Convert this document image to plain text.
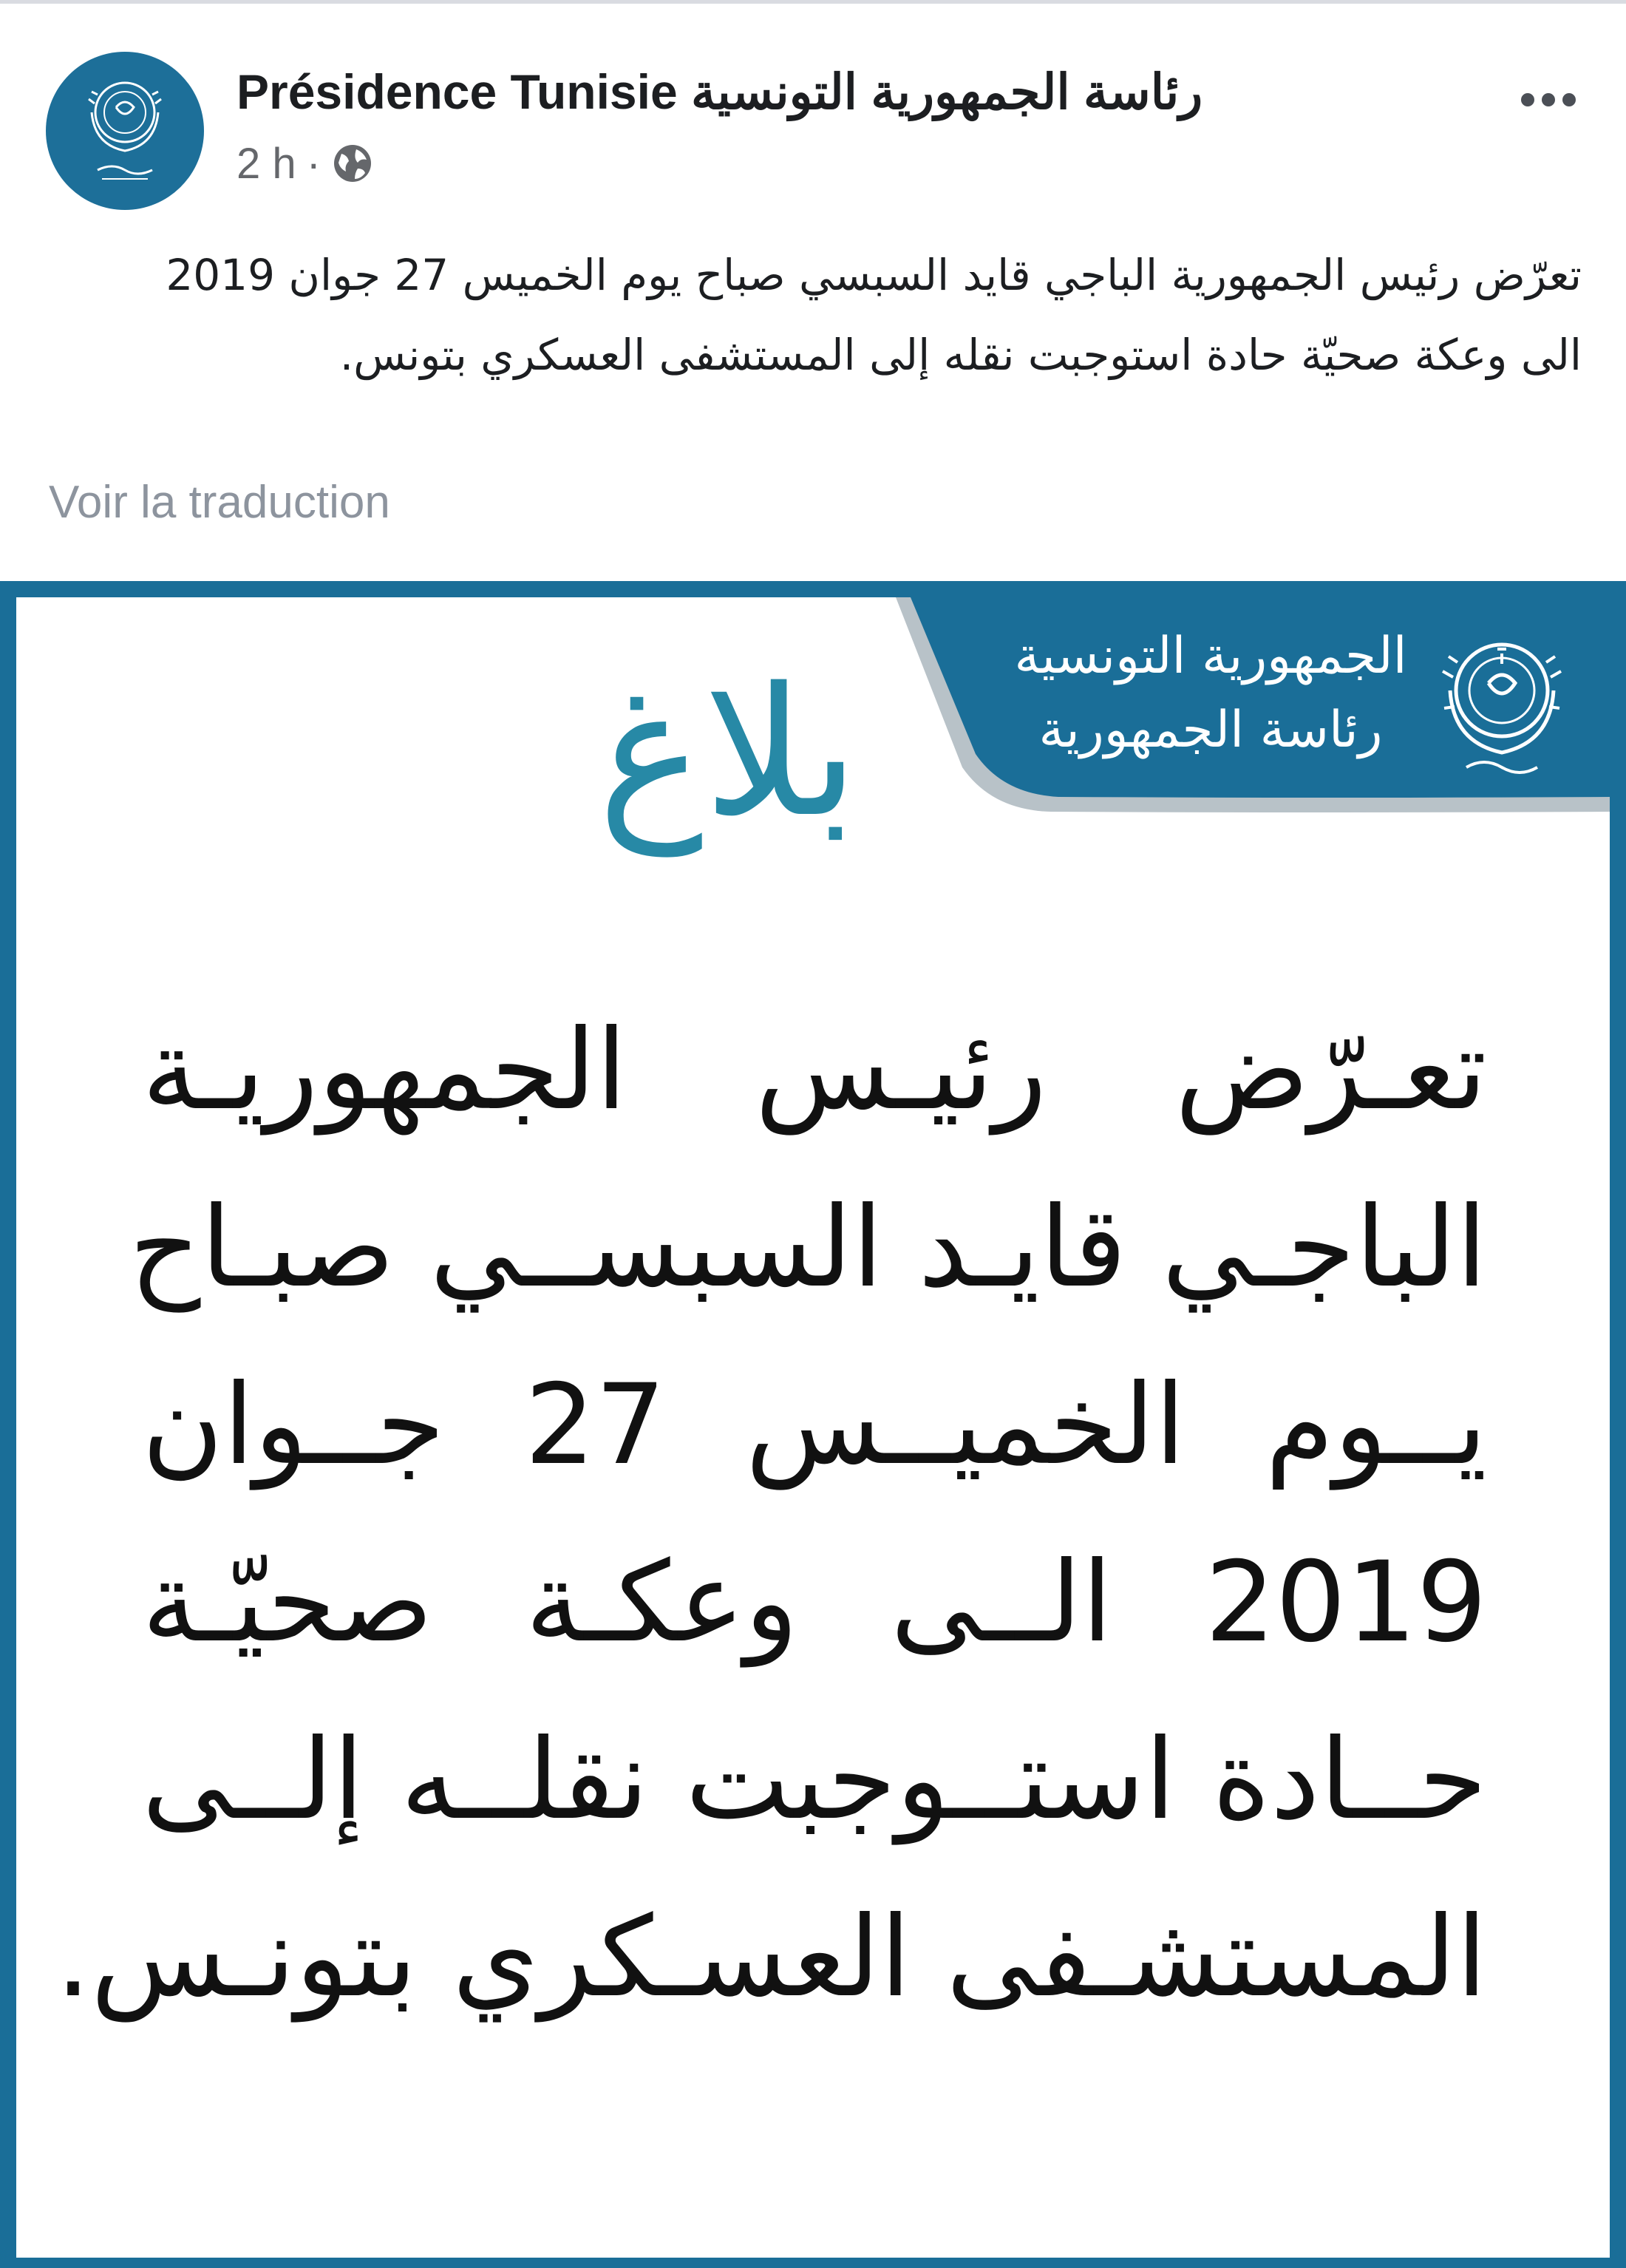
Présidence Tunisie رئاسة الجمهورية التونسية
2 h ·
تعرّض رئيس الجمهورية الباجي قايد السبسي صباح يوم الخميس 27 جوان 2019 الى وعكة صحيّة حادة استوجبت نقله إلى المستشفى العسكري بتونس.
Voir la traduction
بلاغ	الجمهورية التونسية
رئاسة الجمهورية
تعـرّض رئيـس الجمهوريـة
الباجـي قايـد السبســي صبـاح
يــوم الخميــس 27 جــوان
2019 الــى وعكـة صحيّـة
حــادة استــوجبت نقلــه إلــى
المستشـفى العسـكري بتونـس.
